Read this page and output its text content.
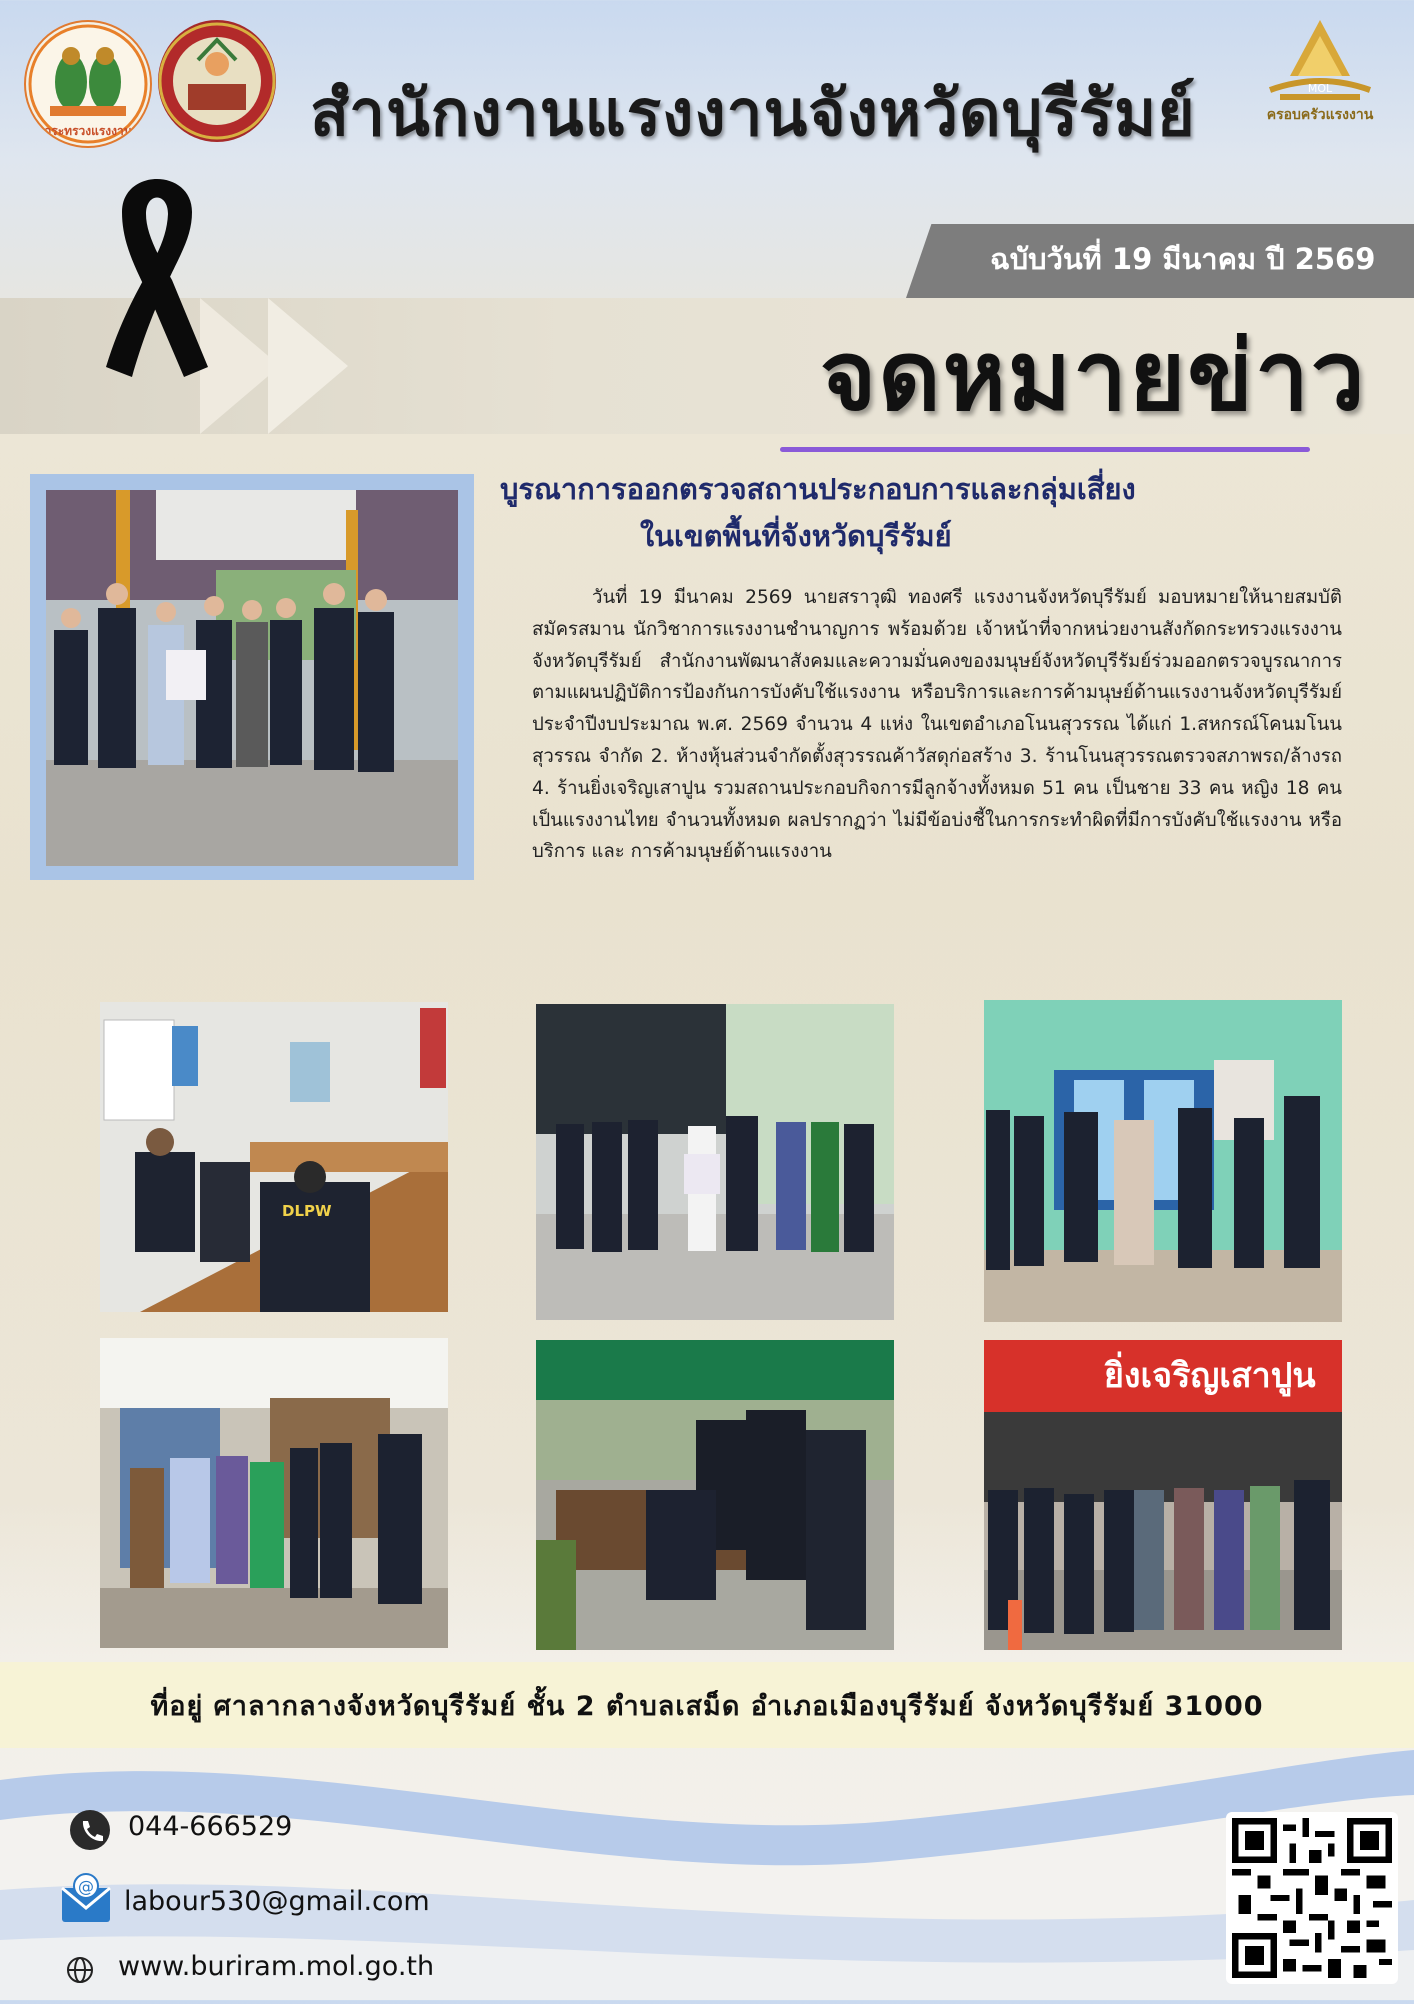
กระทรวงแรงงาน	สำนักงานแรงงานจังหวัดบุรีรัมย์	MOL
ครอบครัวแรงงาน
ฉบับวันที่ 19 มีนาคม ปี 2569
จดหมายข่าว
บูรณาการออกตรวจสถานประกอบการและกลุ่มเสี่ยง
ในเขตพื้นที่จังหวัดบุรีรัมย์
วันที่ 19 มีนาคม 2569 นายสราวุฒิ ทองศรี แรงงานจังหวัดบุรีรัมย์ มอบหมายให้นายสมบัติ สมัครสมาน นักวิชาการแรงงานชำนาญการ พร้อมด้วย เจ้าหน้าที่จากหน่วยงานสังกัดกระทรวงแรงงานจังหวัดบุรีรัมย์ สำนักงานพัฒนาสังคมและความมั่นคงของมนุษย์จังหวัดบุรีรัมย์ร่วมออกตรวจบูรณาการตามแผนปฏิบัติการป้องกันการบังคับใช้แรงงาน หรือบริการและการค้ามนุษย์ด้านแรงงานจังหวัดบุรีรัมย์ ประจำปีงบประมาณ พ.ศ. 2569 จำนวน 4 แห่ง ในเขตอำเภอโนนสุวรรณ ได้แก่ 1.สหกรณ์โคนมโนนสุวรรณ จำกัด 2. ห้างหุ้นส่วนจำกัดตั้งสุวรรณค้าวัสดุก่อสร้าง 3. ร้านโนนสุวรรณตรวจสภาพรถ/ล้างรถ 4. ร้านยิ่งเจริญเสาปูน รวมสถานประกอบกิจการมีลูกจ้างทั้งหมด 51 คน เป็นชาย 33 คน หญิง 18 คน เป็นแรงงานไทย จำนวนทั้งหมด ผลปรากฏว่า ไม่มีข้อบ่งชี้ในการกระทำผิดที่มีการบังคับใช้แรงงาน หรือบริการ และ การค้ามนุษย์ด้านแรงงาน
DLPW
ยิ่งเจริญเสาปูน
ที่อยู่ ศาลากลางจังหวัดบุรีรัมย์ ชั้น 2 ตำบลเสม็ด อำเภอเมืองบุรีรัมย์ จังหวัดบุรีรัมย์ 31000
044-666529
@ labour530@gmail.com
www.buriram.mol.go.th
